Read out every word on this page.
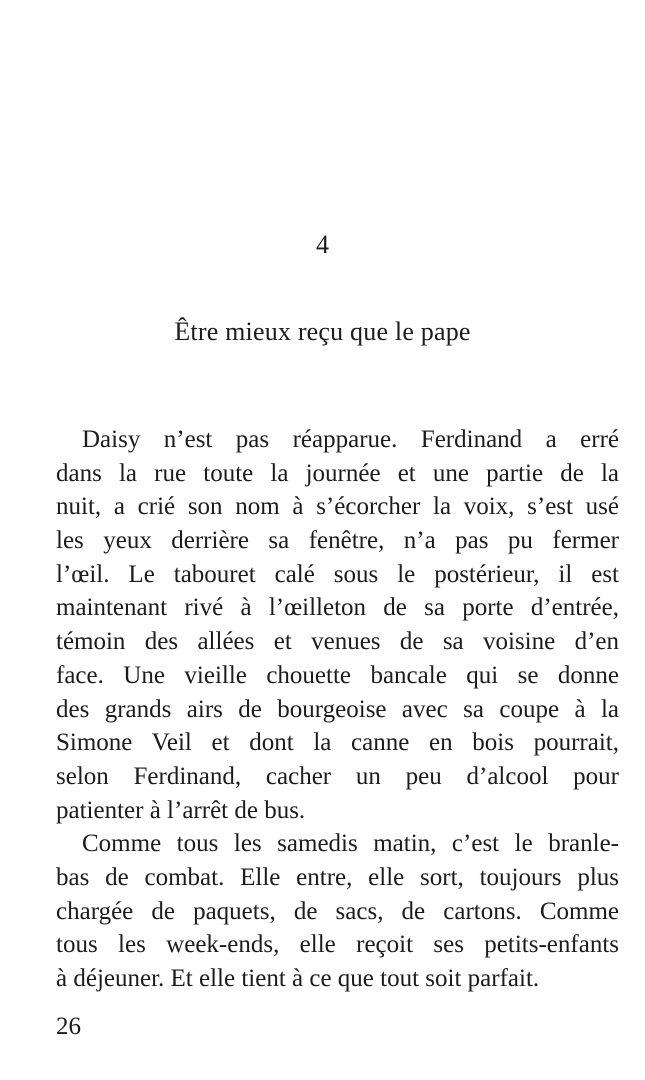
4
Être mieux reçu que le pape
Daisy n’est pas réapparue. Ferdinand a erré
dans la rue toute la journée et une partie de la
nuit, a crié son nom à s’écorcher la voix, s’est usé
les yeux derrière sa fenêtre, n’a pas pu fermer
l’œil. Le tabouret calé sous le postérieur, il est
maintenant rivé à l’œilleton de sa porte d’entrée,
témoin des allées et venues de sa voisine d’en
face. Une vieille chouette bancale qui se donne
des grands airs de bourgeoise avec sa coupe à la
Simone Veil et dont la canne en bois pourrait,
selon Ferdinand, cacher un peu d’alcool pour
patienter à l’arrêt de bus.
Comme tous les samedis matin, c’est le branle-
bas de combat. Elle entre, elle sort, toujours plus
chargée de paquets, de sacs, de cartons. Comme
tous les week-ends, elle reçoit ses petits-enfants
à déjeuner. Et elle tient à ce que tout soit parfait.
26
